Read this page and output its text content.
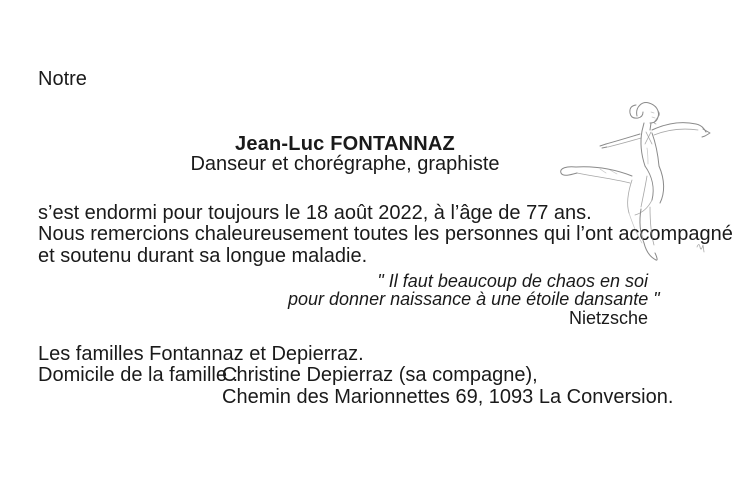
Notre
Jean-Luc FONTANNAZ
Danseur et chorégraphe, graphiste
s’est endormi pour toujours le 18 août 2022, à l’âge de 77 ans.
Nous remercions chaleureusement toutes les personnes qui l’ont accompagné
et soutenu durant sa longue maladie.
" Il faut beaucoup de chaos en soi
pour donner naissance à une étoile dansante "
Nietzsche
Les familles Fontannaz et Depierraz.
Domicile de la famille :
Christine Depierraz (sa compagne),
Chemin des Marionnettes 69, 1093 La Conversion.
